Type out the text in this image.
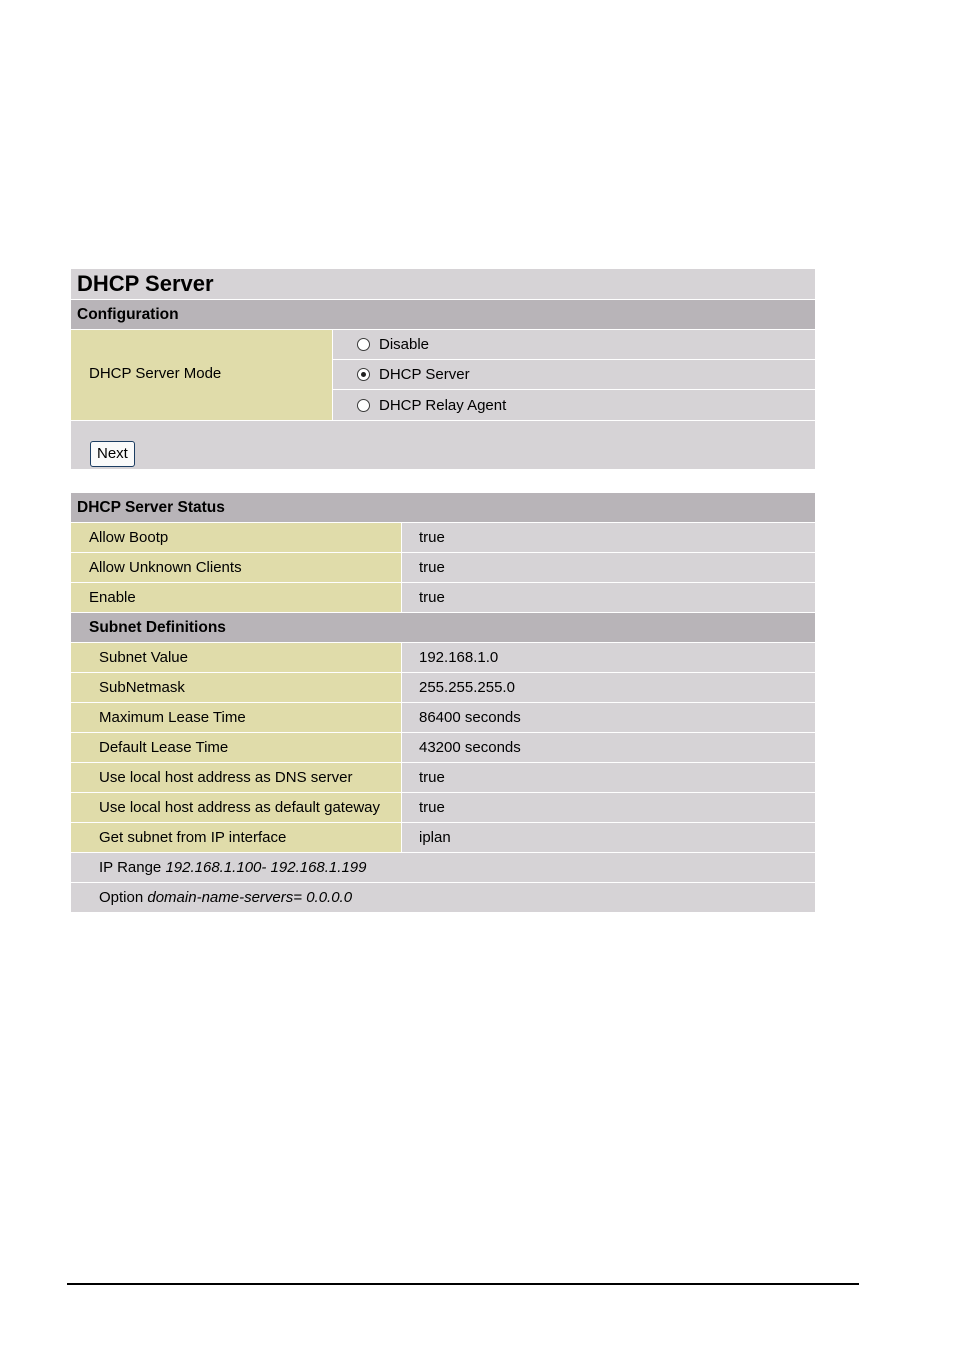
DHCP Server
Configuration
DHCP Server Mode
Disable
DHCP Server
DHCP Relay Agent
Next
DHCP Server Status
Allow Bootp	true
Allow Unknown Clients	true
Enable	true
Subnet Definitions
Subnet Value	192.168.1.0
SubNetmask	255.255.255.0
Maximum Lease Time	86400 seconds
Default Lease Time	43200 seconds
Use local host address as DNS server	true
Use local host address as default gateway	true
Get subnet from IP interface	iplan
IP Range 192.168.1.100- 192.168.1.199
Option domain-name-servers= 0.0.0.0
